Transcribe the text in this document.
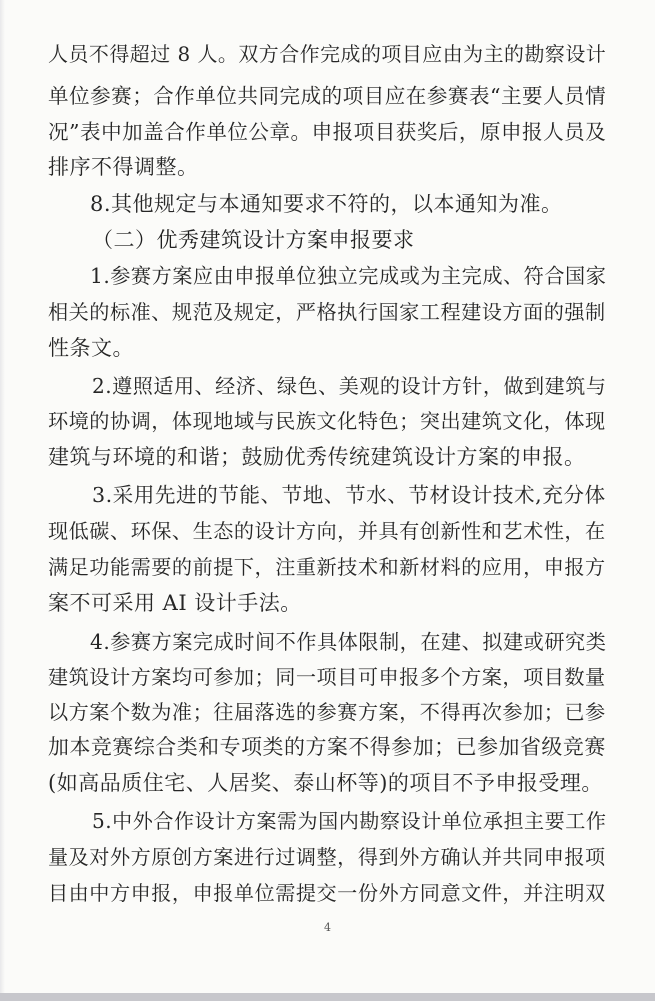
人员不得超过 8 人。双方合作完成的项目应由为主的勘察设计
单位参赛；合作单位共同完成的项目应在参赛表“主要人员情
况”表中加盖合作单位公章。申报项目获奖后，原申报人员及
排序不得调整。
8.其他规定与本通知要求不符的，以本通知为准。
（二）优秀建筑设计方案申报要求
1.参赛方案应由申报单位独立完成或为主完成、符合国家
相关的标准、规范及规定，严格执行国家工程建设方面的强制
性条文。
2.遵照适用、经济、绿色、美观的设计方针，做到建筑与
环境的协调，体现地域与民族文化特色；突出建筑文化，体现
建筑与环境的和谐；鼓励优秀传统建筑设计方案的申报。
3.采用先进的节能、节地、节水、节材设计技术,充分体
现低碳、环保、生态的设计方向，并具有创新性和艺术性，在
满足功能需要的前提下，注重新技术和新材料的应用，申报方
案不可采用 AI 设计手法。
4.参赛方案完成时间不作具体限制，在建、拟建或研究类
建筑设计方案均可参加；同一项目可申报多个方案，项目数量
以方案个数为准；往届落选的参赛方案，不得再次参加；已参
加本竞赛综合类和专项类的方案不得参加；已参加省级竞赛
(如高品质住宅、人居奖、泰山杯等)的项目不予申报受理。
5.中外合作设计方案需为国内勘察设计单位承担主要工作
量及对外方原创方案进行过调整，得到外方确认并共同申报项
目由中方申报，申报单位需提交一份外方同意文件，并注明双
4
